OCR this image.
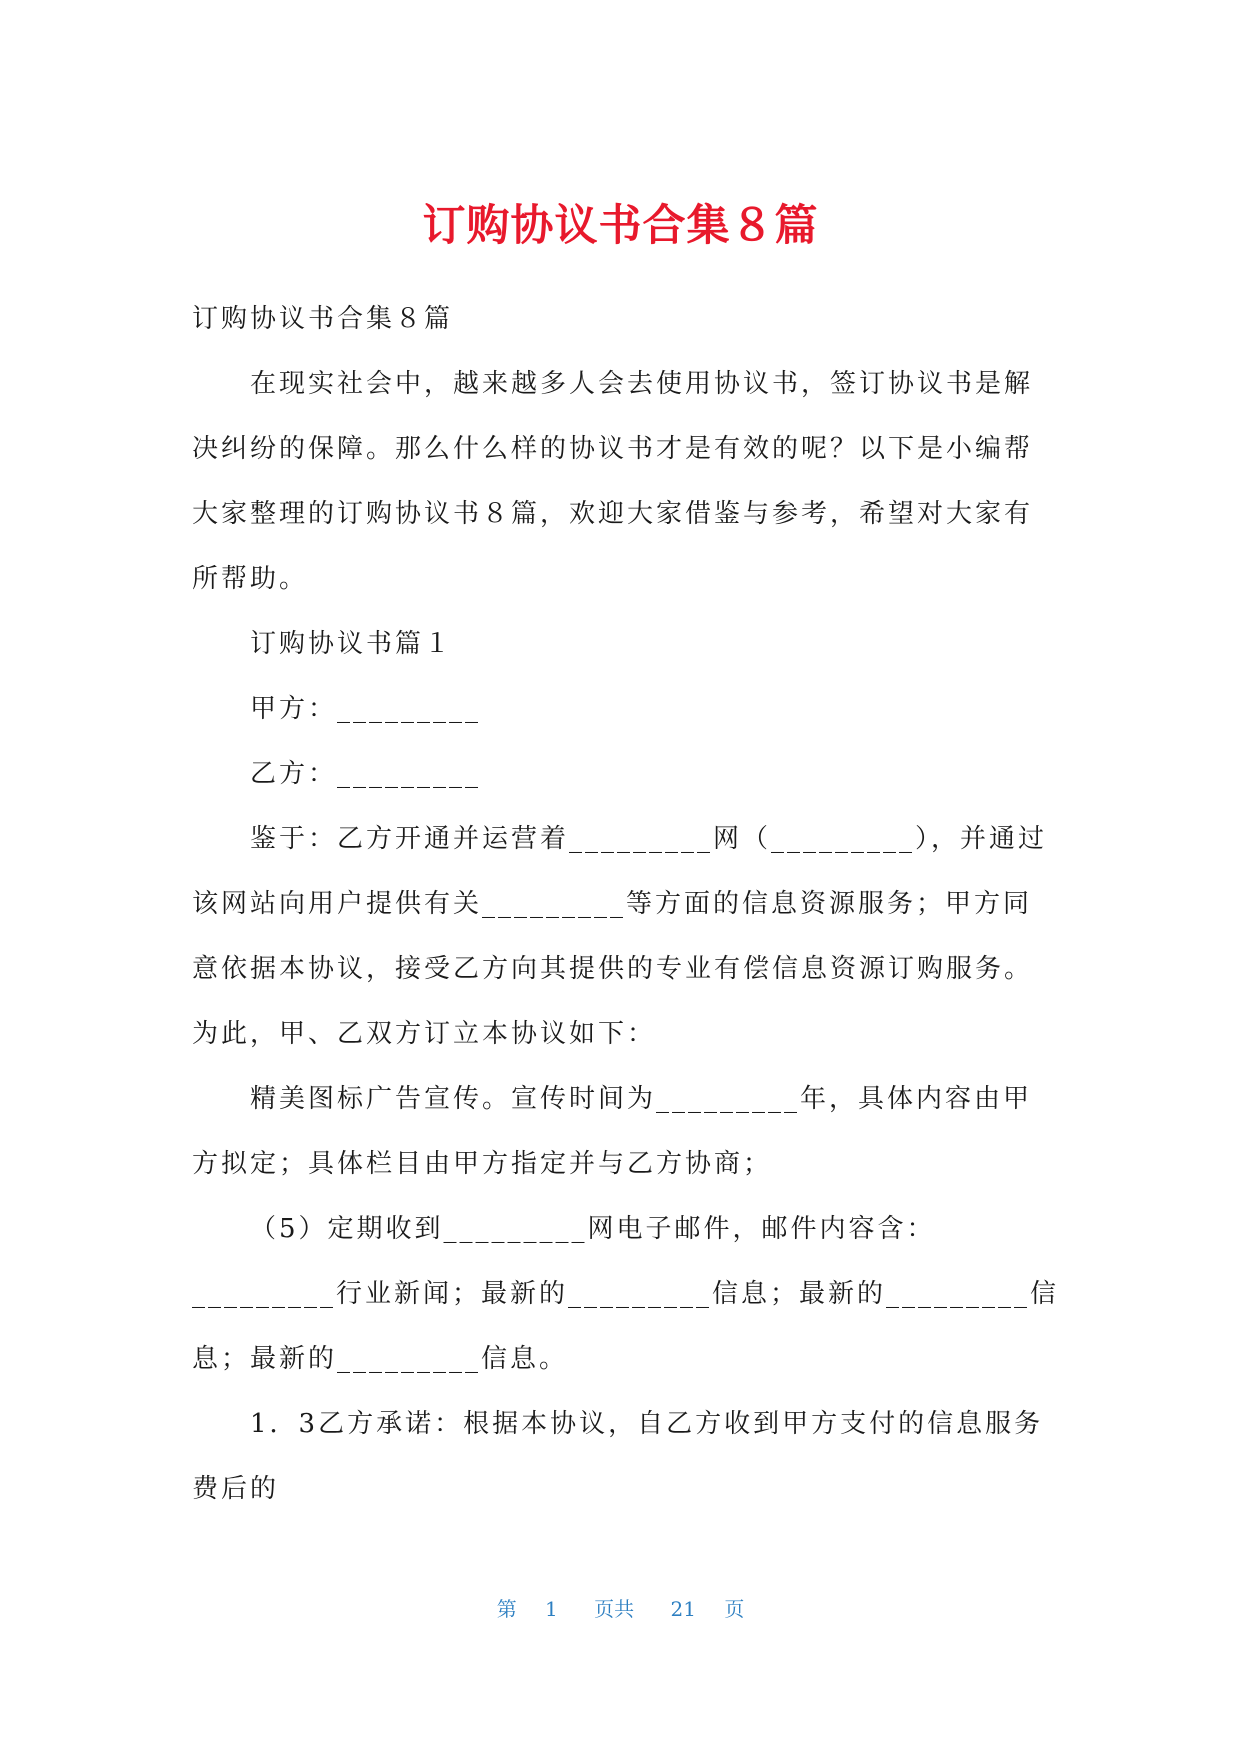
订购协议书合集８篇

订购协议书合集８篇

在现实社会中，越来越多人会去使用协议书，签订协议书是解决纠纷的保障。那么什么样的协议书才是有效的呢？以下是小编帮大家整理的订购协议书８篇，欢迎大家借鉴与参考，希望对大家有所帮助。

订购协议书篇１

甲方：_________

乙方：_________

鉴于：乙方开通并运营着_________网（_________），并通过该网站向用户提供有关_________等方面的信息资源服务；甲方同意依据本协议，接受乙方向其提供的专业有偿信息资源订购服务。为此，甲、乙双方订立本协议如下：

精美图标广告宣传。宣传时间为_________年，具体内容由甲方拟定；具体栏目由甲方指定并与乙方协商；

（5）定期收到_________网电子邮件，邮件内容含：_________行业新闻；最新的_________信息；最新的_________信息；最新的_________信息。

1．3乙方承诺：根据本协议，自乙方收到甲方支付的信息服务费后的

第 1 页共 21 页
